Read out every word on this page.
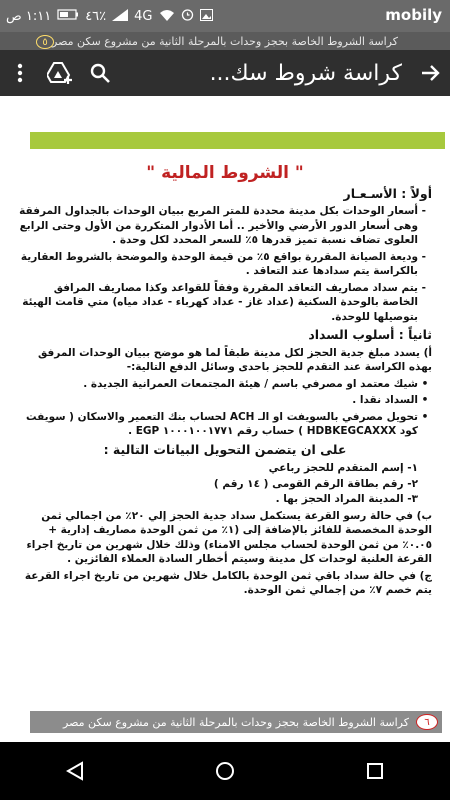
mobily
١:١١ ص	٤٦٪ 4G
٥ كراسة الشروط الخاصة بحجز وحدات بالمرحلة الثانية من مشروع سكن مصر
كراسة شروط سك...
" الشروط المالية "
أولاً : الأسـعـار
- أسعار الوحدات بكل مدينة محددة للمتر المربع ببيان الوحدات بالجداول المرفقة وهى أسعار الدور الأرضي والأخير .. أما الأدوار المتكررة من الأول وحتى الرابع العلوى تضاف نسبة تميز قدرها ٥٪ للسعر المحدد لكل وحدة .
- وديعة الصيانة المقررة بواقع ٥٪ من قيمة الوحدة والموضحة بالشروط العقارية بالكراسة يتم سدادها عند التعاقد .
- يتم سداد مصاريف التعاقد المقررة وفقاً للقواعد وكذا مصاريف المرافق الخاصة بالوحدة السكنية (عداد غاز - عداد كهرباء - عداد مياه) متي قامت الهيئة بتوصيلها للوحدة.
ثانياً : أسلوب السداد

أ) يسدد مبلغ جدية الحجز لكل مدينة طبقاً لما هو موضح ببيان الوحدات المرفق بهذه الكراسة عند التقدم للحجز باحدى وسائل الدفع التالية:-

• شيك معتمد او مصرفي باسم / هيئة المجتمعات العمرانية الجديدة .
• السداد نقدا .
• تحويل مصرفي بالسويفت او الـ ACH لحساب بنك التعمير والاسكان ( سويفت كود HDBKEGCAXXX ) حساب رقم ١٠٠٠١٠٠١٧٧١ EGP .
على ان يتضمن التحويل البيانات التالية :
١- إسم المتقدم للحجز رباعي
٢- رقم بطاقة الرقم القومى ( ١٤ رقم )
٣- المدينة المراد الحجز بها .

ب) في حالة رسو القرعة يستكمل سداد جدية الحجز إلي ٢٠٪ من اجمالي ثمن الوحدة المخصصة للفائز بالإضافة إلى (١٪ من ثمن الوحدة مصاريف إدارية + ٠.٠٥٪ من ثمن الوحدة لحساب مجلس الامناء) وذلك خلال شهرين من تاريخ اجراء القرعة العلنية لوحدات كل مدينة وسيتم أخطار السادة العملاء الفائزين .

ج) في حالة سداد باقي ثمن الوحدة بالكامل خلال شهرين من تاريخ اجراء القرعة يتم خصم ٧٪ من إجمالي ثمن الوحدة.

كراسة الشروط الخاصة بحجز وحدات بالمرحلة الثانية من مشروع سكن مصر	٦
